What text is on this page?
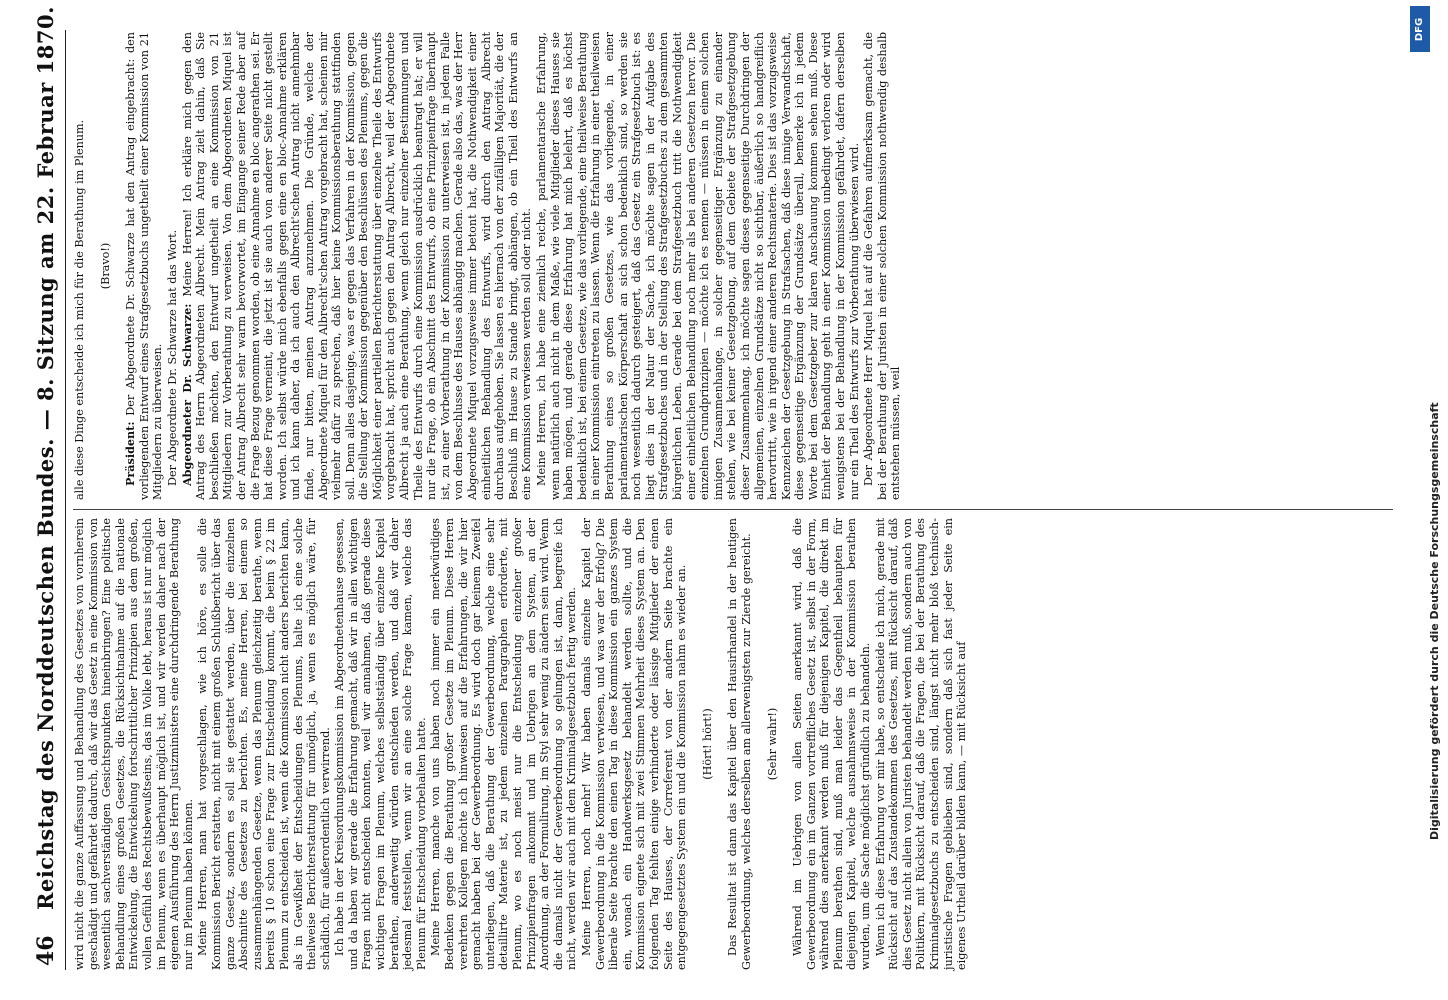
46
Reichstag des Norddeutschen Bundes. — 8. Sitzung am 22. Februar 1870. wird nicht die ganze Auffassung und Behandlung des Gesetzes von vornherein geschädigt und gefährdet dadurch, daß wir das Gesetz in eine Kommission von wesentlich sachverständigen Gesichtspunkten hineinbringen? Eine politische Behandlung eines großen Gesetzes, die Rücksichtnahme auf die nationale Entwickelung, die Entwickelung fortschrittlicher Prinzipien aus dem großen, vollen Gefühl des Rechtsbewußtseins, das im Volke lebt, heraus ist nur möglich im Plenum, wenn es überhaupt möglich ist, und wir werden daher nach der eigenen Ausführung des Herrn Justizministers eine durchdringende Berathung nur im Plenum haben können. Meine Herren, man hat vorgeschlagen, wie ich höre, es solle die Kommission Bericht erstatten, nicht mit einem großen Schlußbericht über das ganze Gesetz, sondern es soll sie gestattet werden, über die einzelnen Abschnitte des Gesetzes zu berichten. Es, meine Herren, bei einem so zusammenhängenden Gesetze, wenn das Plenum gleichzeitig berathe, wenn bereits § 10 schon eine Frage zur Entscheidung kommt, die beim § 22 im Plenum zu entscheiden ist, wenn die Kommission nicht anders berichten kann, als in Gewißheit der Entscheidungen des Plenums, halte ich eine solche theilweise Berichterstattung für unmöglich, ja, wenn es möglich wäre, für schädlich, für außerordentlich verwirrend. Ich habe in der Kreisordnungskommission im Abgeordnetenhause gesessen, und da haben wir gerade die Erfahrung gemacht, daß wir in allen wichtigen Fragen nicht entscheiden konnten, weil wir annahmen, daß gerade diese wichtigen Fragen im Plenum, welches selbstständig über einzelne Kapitel berathen, anderweitig würden entschieden werden, und daß wir daher jedesmal feststellen, wenn wir an eine solche Frage kamen, welche das Plenum für Entscheidung vorbehalten hatte. Meine Herren, manche von uns haben noch immer ein merkwürdiges Bedenken gegen die Berathung großer Gesetze im Plenum. Diese Herren verehrten Kollegen möchte ich hinweisen auf die Erfahrungen, die wir hier gemacht haben bei der Gewerbeordnung. Es wird doch gar keinem Zweifel unterliegen, daß die Berathung der Gewerbeordnung, welche eine sehr detaillirte Materie ist, zu jedem einzelnen Paragraphen erforderte, mit Plenum, wo es noch meist nur die Entscheidung einzelner großer Prinzipienfragen ankommt und im Uebrigen an dem System, an der Anordnung, an der Formulirung, im Styl sehr wenig zu ändern sein wird. Wenn die damals nicht der Gewerbeordnung so gelungen ist, dann, begreife ich nicht, werden wir auch mit dem Kriminalgesetzbuch fertig werden. Meine Herren, noch mehr! Wir haben damals einzelne Kapitel der Gewerbeordnung in die Kommission verwiesen, und was war der Erfolg? Die liberale Seite brachte den einen Tag in diese Kommission ein ganzes System ein, wonach ein Handwerksgesetz behandelt werden sollte, und die Kommission eignete sich mit zwei Stimmen Mehrheit dieses System an. Den folgenden Tag fehlten einige verhinderte oder lässige Mitglieder der einen Seite des Hauses, der Correferent von der andern Seite brachte ein entgegengesetztes System ein und die Kommission nahm es wieder an. (Hört! hört!) Das Resultat ist dann das Kapitel über den Hausirhandel in der heutigen Gewerbeordnung, welches derselben am allerwenigsten zur Zierde gereicht. (Sehr wahr!) Während im Uebrigen von allen Seiten anerkannt wird, daß die Gewerbeordnung ein im Ganzen vortreffliches Gesetz ist, selbst in der Form, während dies anerkannt werden muß für diejenigen Kapitel, die direkt im Plenum berathen sind, muß man leider das Gegentheil behaupten für diejenigen Kapitel, welche ausnahmsweise in der Kommission berathen wurden, um die Sache möglichst gründlich zu behandeln. Wenn ich diese Erfahrung vor mir habe, so entscheide ich mich, gerade mit Rücksicht auf das Zustandekommen des Gesetzes, mit Rücksicht darauf, daß dies Gesetz nicht allein von Juristen behandelt werden muß, sondern auch von Politikern, mit Rücksicht darauf, daß die Fragen, die bei der Berathung des Kriminalgesetzbuchs zu entscheiden sind, längst nicht mehr bloß technisch-juristische Fragen geblieben sind, sondern daß sich fast jeder Seite ein eigenes Urtheil darüber bilden kann, — mit Rücksicht auf

alle diese Dinge entscheide ich mich für die Berathung im Plenum. (Bravo!)

Präsident: Der Abgeordnete Dr. Schwarze hat den Antrag eingebracht: den vorliegenden Entwurf eines Strafgesetzbuchs ungetheilt einer Kommission von 21 Mitgliedern zu überweisen. Der Abgeordnete Dr. Schwarze hat das Wort. Abgeordneter Dr. Schwarze: Meine Herren! Ich erkläre mich gegen den Antrag des Herrn Abgeordneten Albrecht. Mein Antrag zielt dahin, daß Sie beschließen möchten, den Entwurf ungetheilt an eine Kommission von 21 Mitgliedern zur Vorberathung zu verweisen. Von dem Abgeordneten Miquel ist der Antrag Albrecht sehr warm bevorwortet, im Eingange seiner Rede aber auf die Frage Bezug genommen worden, ob eine Annahme en bloc angerathen sei. Er hat diese Frage verneint, die jetzt ist sie auch von anderer Seite nicht gestellt worden. Ich selbst würde mich ebenfalls gegen eine en bloc-Annahme erklären und ich kann daher, da ich auch den Albrecht'schen Antrag nicht annehmbar finde, nur bitten, meinen Antrag anzunehmen. Die Gründe, welche der Abgeordnete Miquel für den Albrecht'schen Antrag vorgebracht hat, scheinen mir vielmehr dafür zu sprechen, daß hier keine Kommissionsberathung stattfinden soll. Denn alles dasjenige, was er gegen das Verfahren in der Kommission, gegen die Stellung der Kommission gegenüber den Beschlüssen des Plenums, gegen die Möglichkeit einer partiellen Berichterstattung über einzelne Theile des Entwurfs vorgebracht hat, spricht auch gegen den Antrag Albrecht, weil der Abgeordnete Albrecht ja auch eine Berathung, wenn gleich nur einzelner Bestimmungen und Theile des Entwurfs durch eine Kommission ausdrücklich beantragt hat; er will nur die Frage, ob ein Abschnitt des Entwurfs, ob eine Prinzipienfrage überhaupt ist, zu einer Vorberathung in der Kommission zu unterweisen ist, in jedem Falle von dem Beschlusse des Hauses abhängig machen. Gerade also das, was der Herr Abgeordnete Miquel vorzugsweise immer betont hat, die Nothwendigkeit einer einheitlichen Behandlung des Entwurfs, wird durch den Antrag Albrecht durchaus aufgehoben. Sie lassen es hiernach von der zufälligen Majorität, die der Beschluß im Hause zu Stande bringt, abhängen, ob ein Theil des Entwurfs an eine Kommission verwiesen werden soll oder nicht. Meine Herren, ich habe eine ziemlich reiche, parlamentarische Erfahrung, wenn natürlich auch nicht in dem Maße, wie viele Mitglieder dieses Hauses sie haben mögen, und gerade diese Erfahrung hat mich belehrt, daß es höchst bedenklich ist, bei einem Gesetze, wie das vorliegende, eine theilweise Berathung in einer Kommission eintreten zu lassen. Wenn die Erfahrung in einer theilweisen Berathung eines so großen Gesetzes, wie das vorliegende, in einer parlamentarischen Körperschaft an sich schon bedenklich sind, so werden sie noch wesentlich dadurch gesteigert, daß das Gesetz ein Strafgesetzbuch ist: es liegt dies in der Natur der Sache, ich möchte sagen in der Aufgabe des Strafgesetzbuches und in der Stellung des Strafgesetzbuches zu dem gesammten bürgerlichen Leben. Gerade bei dem Strafgesetzbuch tritt die Nothwendigkeit einer einheitlichen Behandlung noch mehr als bei anderen Gesetzen hervor. Die einzelnen Grundprinzipien — möchte ich es nennen — müssen in einem solchen innigen Zusammenhange, in solcher gegenseitiger Ergänzung zu einander stehen, wie bei keiner Gesetzgebung, auf dem Gebiete der Strafgesetzgebung dieser Zusammenhang, ich möchte sagen dieses gegenseitige Durchdringen der allgemeinen, einzelnen Grundsätze nicht so sichtbar, äußerlich so handgreiflich hervortritt, wie in irgend einer anderen Rechtsmaterie. Dies ist das vorzugsweise Kennzeichen der Gesetzgebung in Strafsachen, daß diese innige Verwandtschaft, diese gegenseitige Ergänzung der Grundsätze überall, bemerke ich in jedem Worte bei dem Gesetzgeber zur klaren Anschauung kommen sehen muß. Diese Einheit der Behandlung geht in einer Kommission unbedingt verloren oder wird wenigstens bei der Behandlung in der Kommission gefährdet, dafern derselben nur ein Theil des Entwurfs zur Vorberathung überwiesen wird. Der Abgeordnete Herr Miquel hat auf die Gefahren aufmerksam gemacht, die bei der Berathung der Juristen in einer solchen Kommission nothwendig deshalb entstehen müssen, weil

DFG
Digitalisierung gefördert durch die Deutsche Forschungsgemeinschaft
